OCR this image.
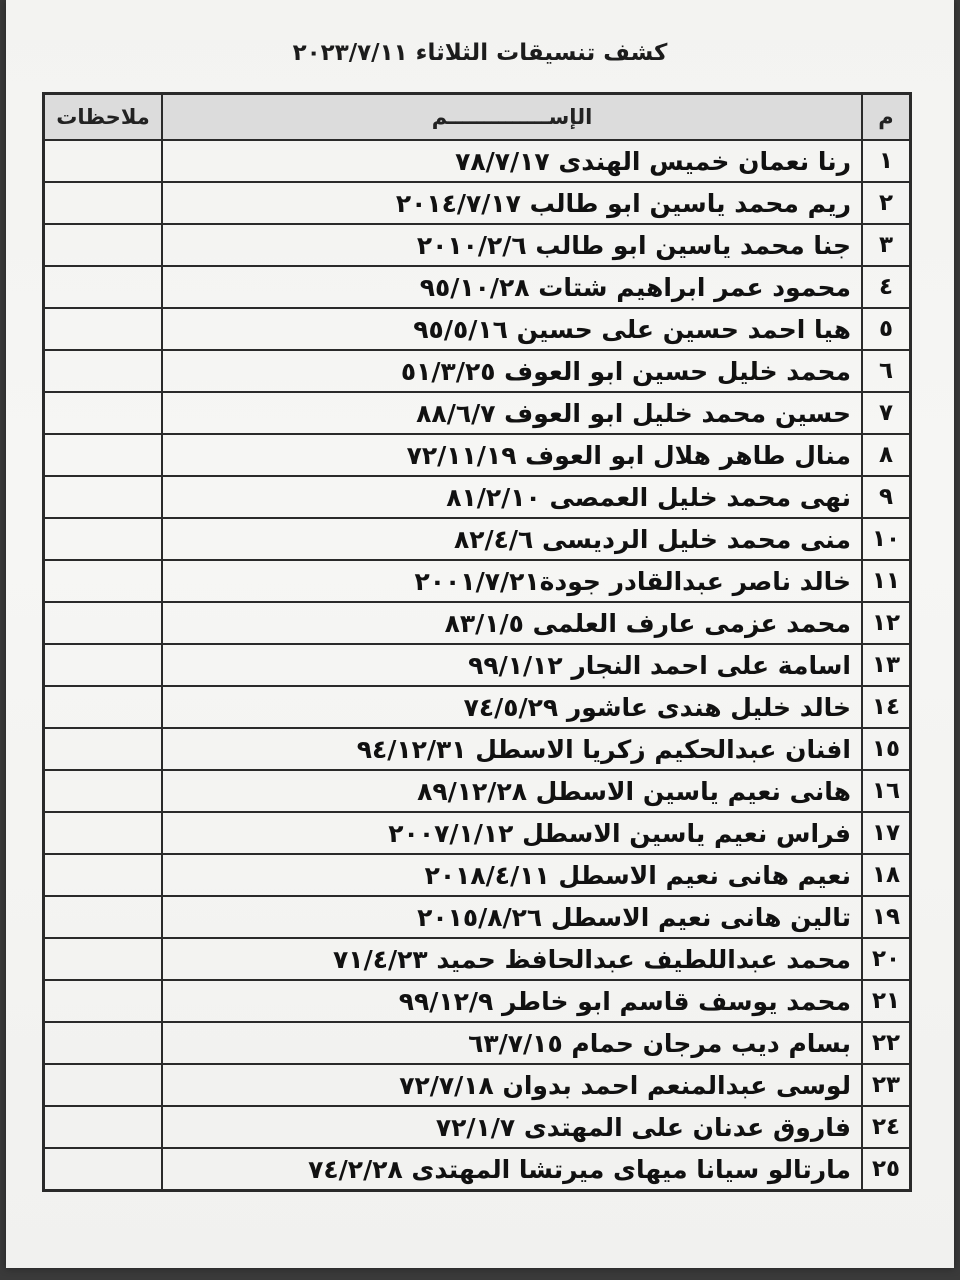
كشف تنسيقات الثلاثاء ٢٠٢٣/٧/١١
م	الإســــــــــــــم	ملاحظات
١	رنا نعمان خميس الهندى ٧٨/٧/١٧	
٢	ريم محمد ياسين ابو طالب ٢٠١٤/٧/١٧	
٣	جنا محمد ياسين ابو طالب ٢٠١٠/٢/٦	
٤	محمود عمر ابراهيم شتات ٩٥/١٠/٢٨	
٥	هيا احمد حسين على حسين ٩٥/٥/١٦	
٦	محمد خليل حسين ابو العوف ٥١/٣/٢٥	
٧	حسين محمد خليل ابو العوف ٨٨/٦/٧	
٨	منال طاهر هلال ابو العوف ٧٢/١١/١٩	
٩	نهى محمد خليل العمصى ٨١/٢/١٠	
١٠	منى محمد خليل الرديسى ٨٢/٤/٦	
١١	خالد ناصر عبدالقادر جودة٢٠٠١/٧/٢١	
١٢	محمد عزمى عارف العلمى ٨٣/١/٥	
١٣	اسامة على احمد النجار ٩٩/١/١٢	
١٤	خالد خليل هندى عاشور ٧٤/٥/٢٩	
١٥	افنان عبدالحكيم زكريا الاسطل ٩٤/١٢/٣١	
١٦	هانى نعيم ياسين الاسطل ٨٩/١٢/٢٨	
١٧	فراس نعيم ياسين الاسطل ٢٠٠٧/١/١٢	
١٨	نعيم هانى نعيم الاسطل ٢٠١٨/٤/١١	
١٩	تالين هانى نعيم الاسطل ٢٠١٥/٨/٢٦	
٢٠	محمد عبداللطيف عبدالحافظ حميد ٧١/٤/٢٣	
٢١	محمد يوسف قاسم ابو خاطر ٩٩/١٢/٩	
٢٢	بسام ديب مرجان حمام ٦٣/٧/١٥	
٢٣	لوسى عبدالمنعم احمد بدوان ٧٢/٧/١٨	
٢٤	فاروق عدنان على المهتدى ٧٢/١/٧	
٢٥	مارتالو سيانا ميهاى ميرتشا المهتدى ٧٤/٢/٢٨	
